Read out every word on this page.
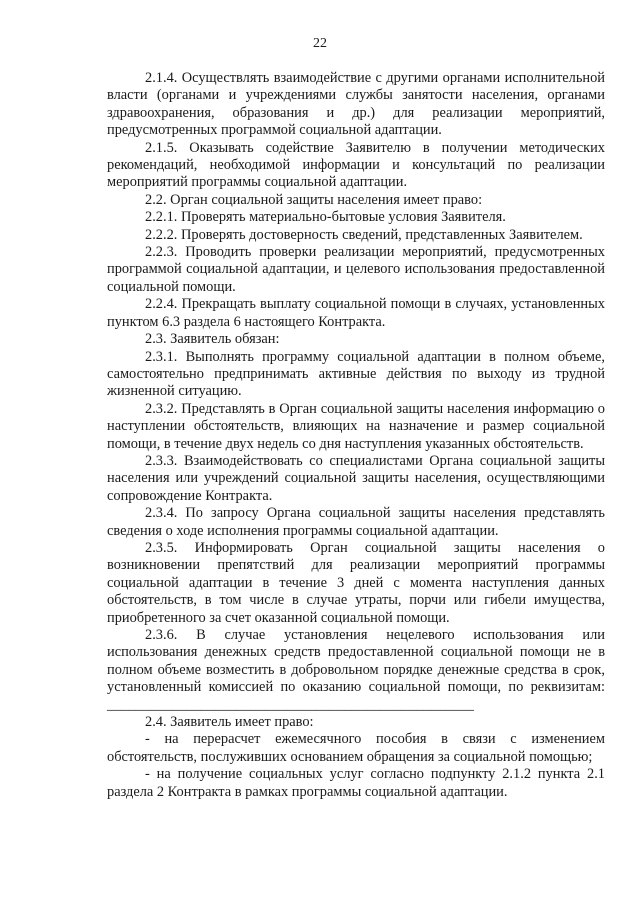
22

2.1.4. Осуществлять взаимодействие с другими органами исполнительной власти (органами и учреждениями службы занятости населения, органами здравоохранения, образования и др.) для реализации мероприятий, предусмотренных программой социальной адаптации.

2.1.5. Оказывать содействие Заявителю в получении методических рекомендаций, необходимой информации и консультаций по реализации мероприятий программы социальной адаптации.

2.2. Орган социальной защиты населения имеет право:

2.2.1. Проверять материально-бытовые условия Заявителя.

2.2.2. Проверять достоверность сведений, представленных Заявителем.

2.2.3. Проводить проверки реализации мероприятий, предусмотренных программой социальной адаптации, и целевого использования предоставленной социальной помощи.

2.2.4. Прекращать выплату социальной помощи в случаях, установленных пунктом 6.3 раздела 6 настоящего Контракта.

2.3. Заявитель обязан:

2.3.1. Выполнять программу социальной адаптации в полном объеме, самостоятельно предпринимать активные действия по выходу из трудной жизненной ситуацию.

2.3.2. Представлять в Орган социальной защиты населения информацию о наступлении обстоятельств, влияющих на назначение и размер социальной помощи, в течение двух недель со дня наступления указанных обстоятельств.

2.3.3. Взаимодействовать со специалистами Органа социальной защиты населения или учреждений социальной защиты населения, осуществляющими сопровождение Контракта.

2.3.4. По запросу Органа социальной защиты населения представлять сведения о ходе исполнения программы социальной адаптации.

2.3.5. Информировать Орган социальной защиты населения о возникновении препятствий для реализации мероприятий программы социальной адаптации в течение 3 дней с момента наступления данных обстоятельств, в том числе в случае утраты, порчи или гибели имущества, приобретенного за счет оказанной социальной помощи.

2.3.6. В случае установления нецелевого использования или использования денежных средств предоставленной социальной помощи не в полном объеме возместить в добровольном порядке денежные средства в срок, установленный комиссией по оказанию социальной помощи, по реквизитам: ___________________________________________________

2.4. Заявитель имеет право:

- на перерасчет ежемесячного пособия в связи с изменением обстоятельств, послуживших основанием обращения за социальной помощью;

- на получение социальных услуг согласно подпункту 2.1.2 пункта 2.1 раздела 2 Контракта в рамках программы социальной адаптации.
